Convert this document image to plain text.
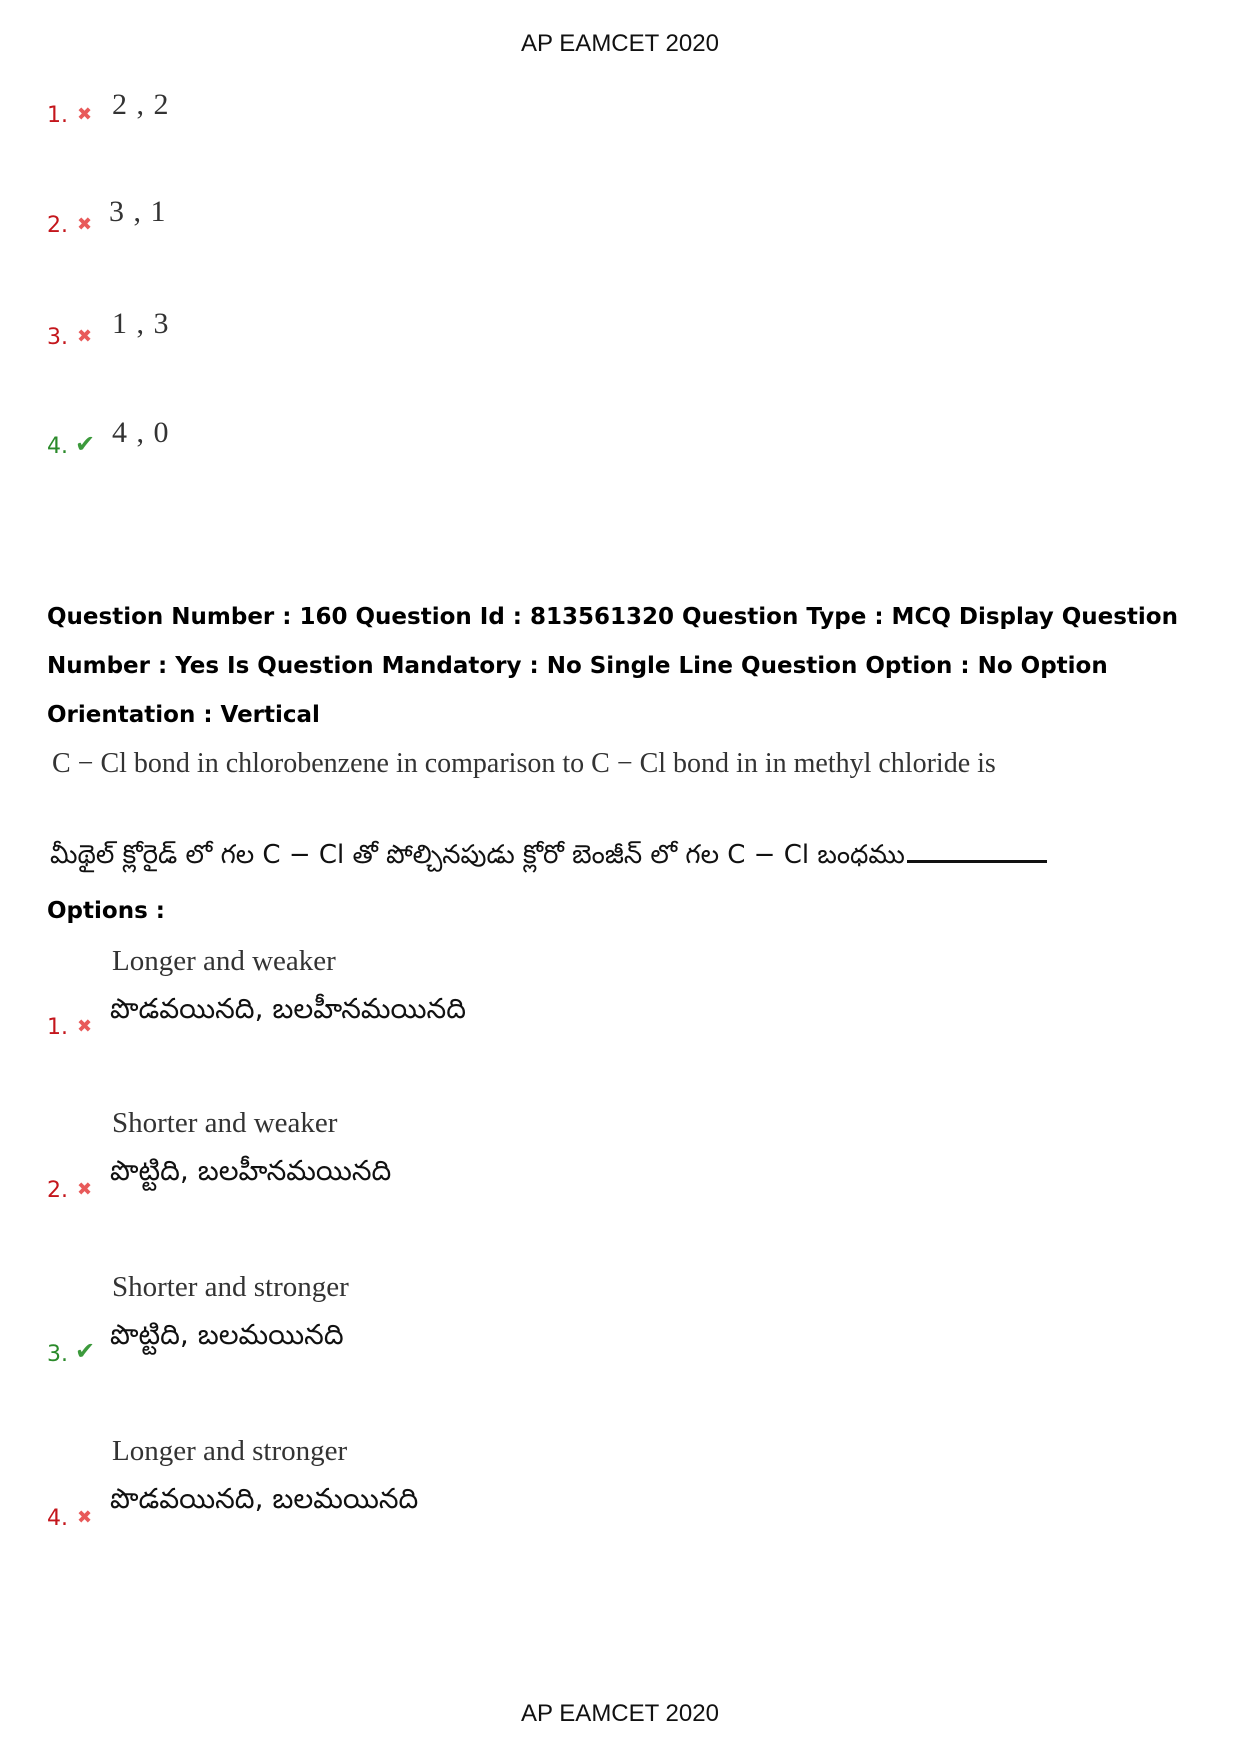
AP EAMCET 2020
1. ✖ 2 , 2
2. ✖ 3 , 1
3. ✖ 1 , 3
4. ✔ 4 , 0
Question Number : 160 Question Id : 813561320 Question Type : MCQ Display Question
Number : Yes Is Question Mandatory : No Single Line Question Option : No Option
Orientation : Vertical
C − Cl bond in chlorobenzene in comparison to C − Cl bond in in methyl chloride is
మీథైల్ క్లోరైడ్ లో గల C − Cl తో పోల్చినపుడు క్లోరో బెంజీన్ లో గల C − Cl బంధము
Options :
Longer and weaker
పొడవయినది, బలహీనమయినది
1. ✖
Shorter and weaker
పొట్టిది, బలహీనమయినది
2. ✖
Shorter and stronger
పొట్టిది, బలమయినది
3. ✔
Longer and stronger
పొడవయినది, బలమయినది
4. ✖
AP EAMCET 2020
